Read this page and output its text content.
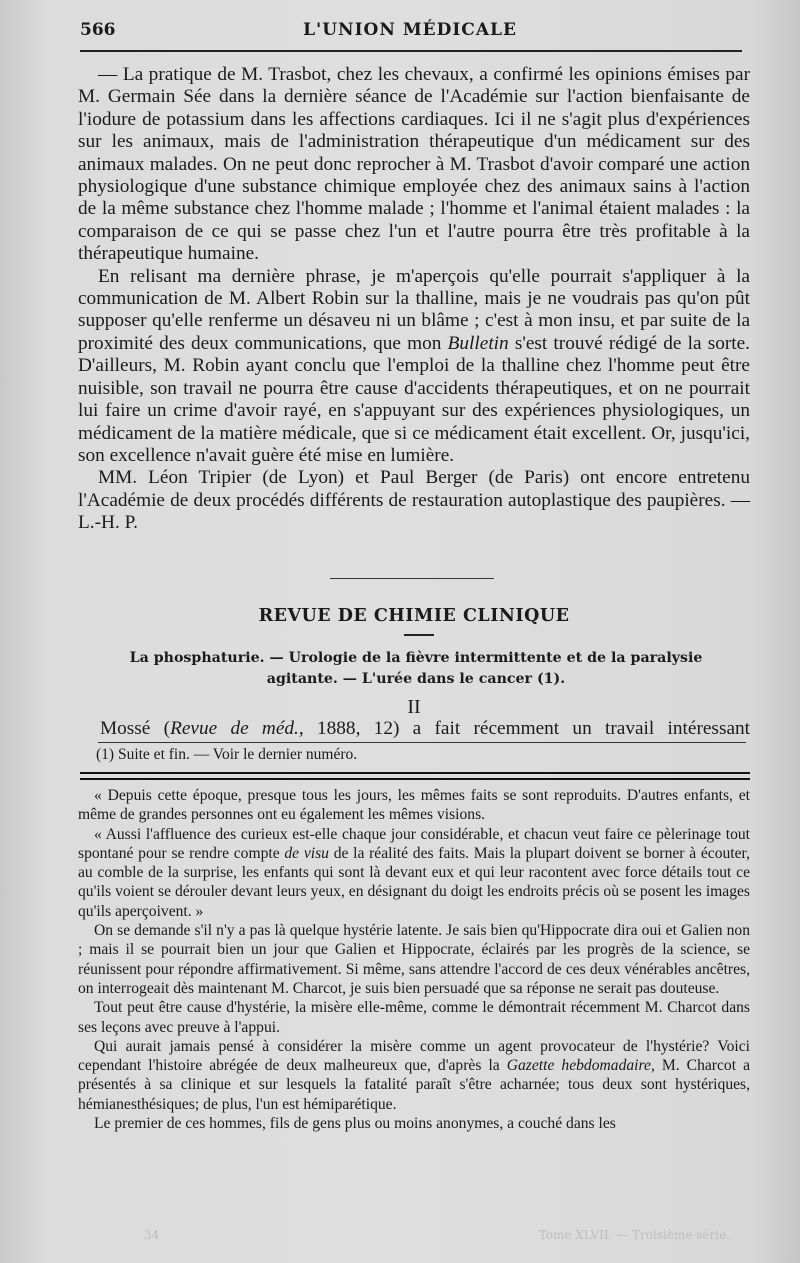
566	L'UNION MÉDICALE

— La pratique de M. Trasbot, chez les chevaux, a confirmé les opinions émises par M. Germain Sée dans la dernière séance de l'Académie sur l'action bienfaisante de l'iodure de potassium dans les affections cardiaques. Ici il ne s'agit plus d'expériences sur les animaux, mais de l'administration thérapeutique d'un médicament sur des animaux malades. On ne peut donc reprocher à M. Trasbot d'avoir comparé une action physiologique d'une substance chimique employée chez des animaux sains à l'action de la même substance chez l'homme malade ; l'homme et l'animal étaient malades : la comparaison de ce qui se passe chez l'un et l'autre pourra être très profitable à la thérapeutique humaine.

En relisant ma dernière phrase, je m'aperçois qu'elle pourrait s'appliquer à la communication de M. Albert Robin sur la thalline, mais je ne voudrais pas qu'on pût supposer qu'elle renferme un désaveu ni un blâme ; c'est à mon insu, et par suite de la proximité des deux communications, que mon Bulletin s'est trouvé rédigé de la sorte. D'ailleurs, M. Robin ayant conclu que l'emploi de la thalline chez l'homme peut être nuisible, son travail ne pourra être cause d'accidents thérapeutiques, et on ne pourrait lui faire un crime d'avoir rayé, en s'appuyant sur des expériences physiologiques, un médicament de la matière médicale, que si ce médicament était excellent. Or, jusqu'ici, son excellence n'avait guère été mise en lumière.

MM. Léon Tripier (de Lyon) et Paul Berger (de Paris) ont encore entretenu l'Académie de deux procédés différents de restauration autoplastique des paupières. — L.-H. P.

REVUE DE CHIMIE CLINIQUE
La phosphaturie. — Urologie de la fièvre intermittente et de la paralysie agitante. — L'urée dans le cancer (1).
II
Mossé (Revue de méd., 1888, 12) a fait récemment un travail intéressant
(1) Suite et fin. — Voir le dernier numéro.

« Depuis cette époque, presque tous les jours, les mêmes faits se sont reproduits. D'autres enfants, et même de grandes personnes ont eu également les mêmes visions.

« Aussi l'affluence des curieux est-elle chaque jour considérable, et chacun veut faire ce pèlerinage tout spontané pour se rendre compte de visu de la réalité des faits. Mais la plupart doivent se borner à écouter, au comble de la surprise, les enfants qui sont là devant eux et qui leur racontent avec force détails tout ce qu'ils voient se dérouler devant leurs yeux, en désignant du doigt les endroits précis où se posent les images qu'ils aperçoivent. »

On se demande s'il n'y a pas là quelque hystérie latente. Je sais bien qu'Hippocrate dira oui et Galien non ; mais il se pourrait bien un jour que Galien et Hippocrate, éclairés par les progrès de la science, se réunissent pour répondre affirmativement. Si même, sans attendre l'accord de ces deux vénérables ancêtres, on interrogeait dès maintenant M. Charcot, je suis bien persuadé que sa réponse ne serait pas douteuse.

Tout peut être cause d'hystérie, la misère elle-même, comme le démontrait récemment M. Charcot dans ses leçons avec preuve à l'appui.

Qui aurait jamais pensé à considérer la misère comme un agent provocateur de l'hystérie? Voici cependant l'histoire abrégée de deux malheureux que, d'après la Gazette hebdomadaire, M. Charcot a présentés à sa clinique et sur lesquels la fatalité paraît s'être acharnée; tous deux sont hystériques, hémianesthésiques; de plus, l'un est hémiparétique.

Le premier de ces hommes, fils de gens plus ou moins anonymes, a couché dans les

34	Tome XLVII. — Troisième série.
